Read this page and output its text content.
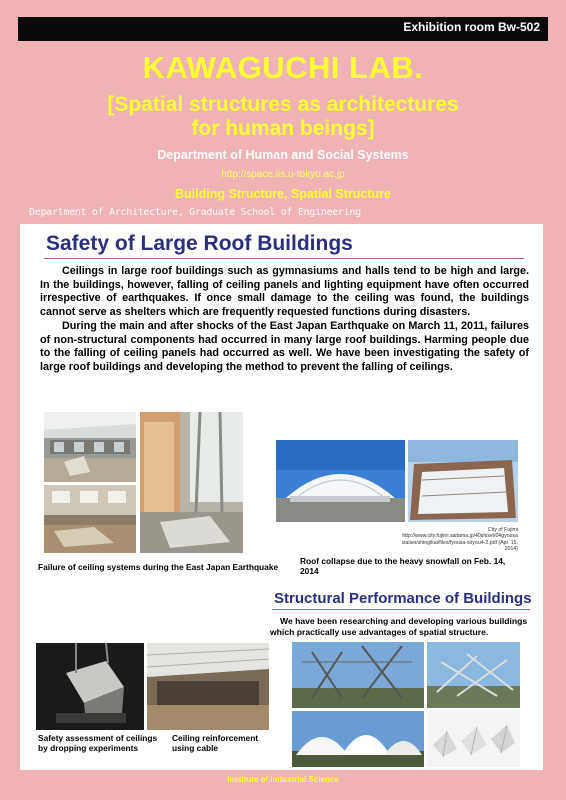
Exhibition room Bw-502
KAWAGUCHI LAB.
[Spatial structures as architectures
for human beings]
Department of Human and Social Systems
http://space.iis.u-tokyo.ac.jp
Building Structure, Spatial Structure
Department of Architecture, Graduate School of Engineering
Safety of Large Roof Buildings

Ceilings in large roof buildings such as gymnasiums and halls tend to be high and large. In the buildings, however, falling of ceiling panels and lighting equipment have often occurred irrespective of earthquakes. If once small damage to the ceiling was found, the buildings cannot serve as shelters which are frequently requested functions during disasters.

During the main and after shocks of the East Japan Earthquake on March 11, 2011, failures of non-structural components had occurred in many large roof buildings. Harming people due to the falling of ceiling panels had occurred as well. We have been investigating the safety of large roof buildings and developing the method to prevent the falling of ceilings.

Failure of ceiling systems during the East Japan Earthquake
City of Fujimi
http://www.city.fujimi.saitama.jp/40shisei/04gyousa
izaisei/shingikai/files/fyousa-siryou4-2.pdf (Apr. 15,
2014)
Roof collapse due to the heavy snowfall on Feb. 14,
2014
Structural Performance of Buildings

We have been researching and developing various buildings which practically use advantages of spatial structure.

Safety assessment of ceilings
by dropping experiments
Ceiling reinforcement
using cable
Institute of Industrial Science
